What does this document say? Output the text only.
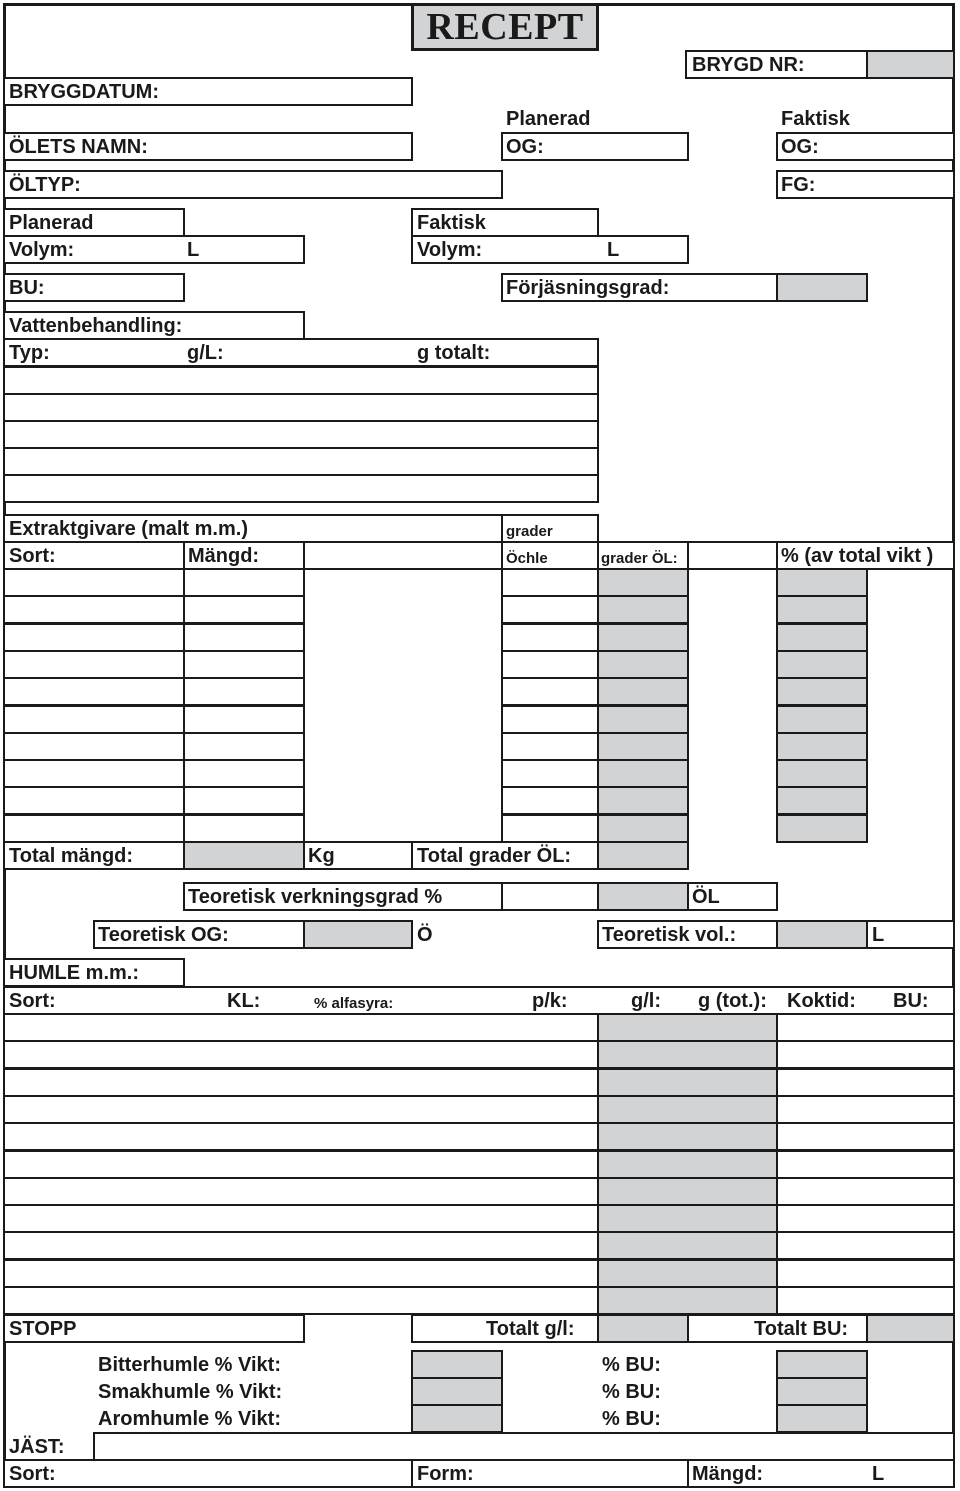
RECEPT
BRYGD NR:
BRYGGDATUM:
Planerad	Faktisk
ÖLETS NAMN:	OG:	OG:
ÖLTYP:	FG:
Planerad	Faktisk
Volym:	L	Volym:	L
BU:	Förjäsningsgrad:
Vattenbehandling:
Typ:	g/L:	g totalt:
Extraktgivare (malt m.m.)	grader
Sort:	Mängd:	Öchle	grader ÖL:	% (av total vikt )
Total mängd:	Kg	Total grader ÖL:
Teoretisk verkningsgrad %	ÖL
Teoretisk OG:	Ö	Teoretisk vol.:	L
HUMLE m.m.:
Sort:	KL:	% alfasyra:	p/k:	g/l: g (tot.): Koktid: BU:
STOPP	Totalt g/l:	Totalt BU:
Bitterhumle % Vikt:	% BU:
Smakhumle % Vikt:	% BU:
Aromhumle % Vikt:	% BU:
JÄST:
Sort:	Form:	Mängd:	L
